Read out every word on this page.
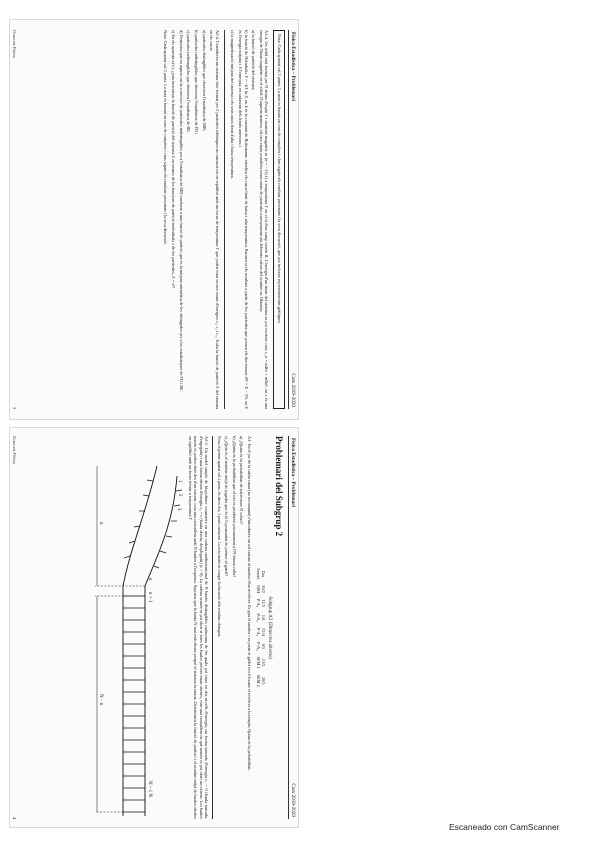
Física Estadística – Problemari
Curs 2019-2020

Nota: Cada apartat val 5 punts. La nota es basarà en com de complets i clars siguin els resultats presentats i la seva discussió, que pot incloure representacions gràfiques.

A1-4. Un sòlid està format per N àtoms d'espín 1 i moment magnètic m (σ = −1,0,1) a temperatura T en el si d'un camp extern B. L'energia d'un àtom del sistema es pot escriure com ε_σ = mBσ + mBσ², on ε és una energia de l'àtom magnètic en el sòlid. D'aquesta manera, els tres estats possibles tenen estats de partícula corresponents als diferents valors del nombre m. Obteniu:

a) la funció de partició del sistema;

b) la funció de Helmholtz F = −kT ln Z, on k és la constant de Boltzmann; estudieu els casos límit de baixa i alta temperatura. Raoneu si els resultats a partir de les partícules que prenen els dos termes d'F = E − TS, on E és l'energia mitjana i S l'entropia, en cadascun dels límits anteriors; i

c) la magnetització mitjana del sistema i els seus casos límit d'alta i baixa temperatura.

A2-4. Considereu un sistema físic format per 2 partícules idèntiques no interactives en equilibri amb un focus de temperatura T que poden estar en tres estats d'energies ε₁, ε₂ i ε₃. Troba la funció de partició Z del sistema en els casos:

a) partícules distingibles que obeeixen l'estadística de MB;

b) partícules indistingibles que obeeixen l'estadística de FD i

c) partícules indistingibles que obeeixen l'estadística de BE.

d) Demostra que en aquest cas la correcció de partícules indistingibles per a l'estadística de MB condueix a una funció de partició que és la mitjana aritmètica de les obtingudes per a les estadístiques de FD i BE.

e) En els apartats a)-c), ¿pots factoritzar la funció de partició del sistema Z en termes de les funcions de partició individuals z de les partícules, Z = z²?

Nota: Cada apartat val 2 punts. La nota es basarà en com de complets i clars siguin els resultats presentats i la seva discussió.

Grau en Física
3
Física Estadística – Problemari
Curs 2019-2020
Problemari del Subgrup 2
Subgrup A2 (Dimecres alterns)
Dia	26/2	11/3	1/4	22/4	6/5	13/5	20/5
Sessió	SIM	P-A₁	P-A₂	P-A₃	P-A₄	SEM 1	SEM 2

A1- En el joc de la ruleta russa (no recomanat) s'introdueix un sol cartutx al tambor d'un revòlver. Es gira el tambor i es prem el gallet recol·locant el revòlver a la templa. Quina és la probabilitat:

a) ¿Quina és la probabilitat de sobreviure N voltes?

b) ¿Quina és la probabilitat que el tret es produeixi precisament a l'N-èsima volta?

c) ¿Quin és el nombre mitjà de jugades que és té l'oportunitat de prémer el gatell?

Nota: el primer apartat val 4 punts, els altres dos, 3 punts cadascun. La nota tindrà en compte la discussió dels resultats obtinguts.

A2-2. Un model simple de biopolímer consisteix en una cadena unidimensional de N baules distingibles cadascuna de les quals pot estar en dos nivells d'energia, un forma tancada d'energia ε₁ = 0 (baula tancada, d'engegada) i una forma oberta d'energia ε₂ = ε (baula oberta, desplegada) (ε > 0). La cadena només es pot obrir si totes les baules prèvies estan obertes, com una cremallera en què només es pot obrir un extrem. Les baules només es poden obrir des d'un extrem, com una cremallera amb N baules a l'esquerra. Suposeu que la baula N mai està oberta perquè el sistema és tancat. Determineu la funció de partició i el nombre mitjà de baules obertes en equilibri amb un focus tèrmic a temperatura T.

1
2
3
n
n + 1
N – 1 N
n
N – n
Grau en Física
4
Escaneado con CamScanner
